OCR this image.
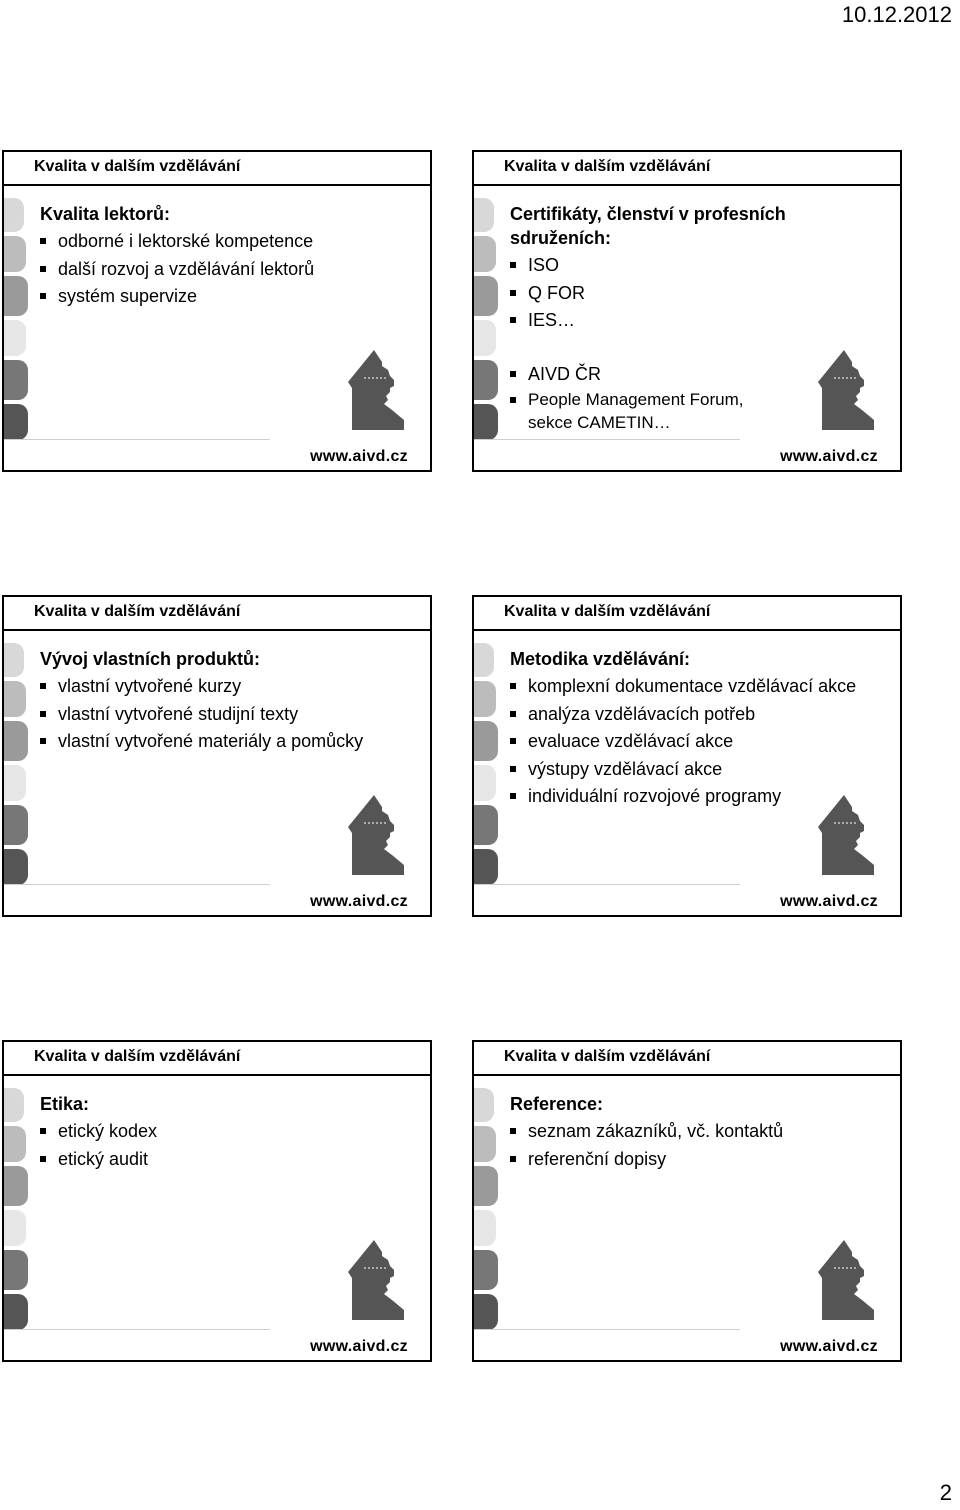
10.12.2012
Kvalita v dalším vzdělávání
Kvalita lektorů:
odborné i lektorské kompetence
další rozvoj a vzdělávání lektorů
systém supervize
www.aivd.cz
Kvalita v dalším vzdělávání
Certifikáty, členství v profesních sdruženích:
ISO
Q FOR
IES…
AIVD ČR
People Management Forum,
sekce CAMETIN…
www.aivd.cz
Kvalita v dalším vzdělávání
Vývoj vlastních produktů:
vlastní vytvořené kurzy
vlastní vytvořené studijní texty
vlastní vytvořené materiály a pomůcky
www.aivd.cz
Kvalita v dalším vzdělávání
Metodika vzdělávání:
komplexní dokumentace vzdělávací akce
analýza vzdělávacích potřeb
evaluace vzdělávací akce
výstupy vzdělávací akce
individuální rozvojové programy
www.aivd.cz
Kvalita v dalším vzdělávání
Etika:
etický kodex
etický audit
www.aivd.cz
Kvalita v dalším vzdělávání
Reference:
seznam zákazníků, vč. kontaktů
referenční dopisy
www.aivd.cz
2
